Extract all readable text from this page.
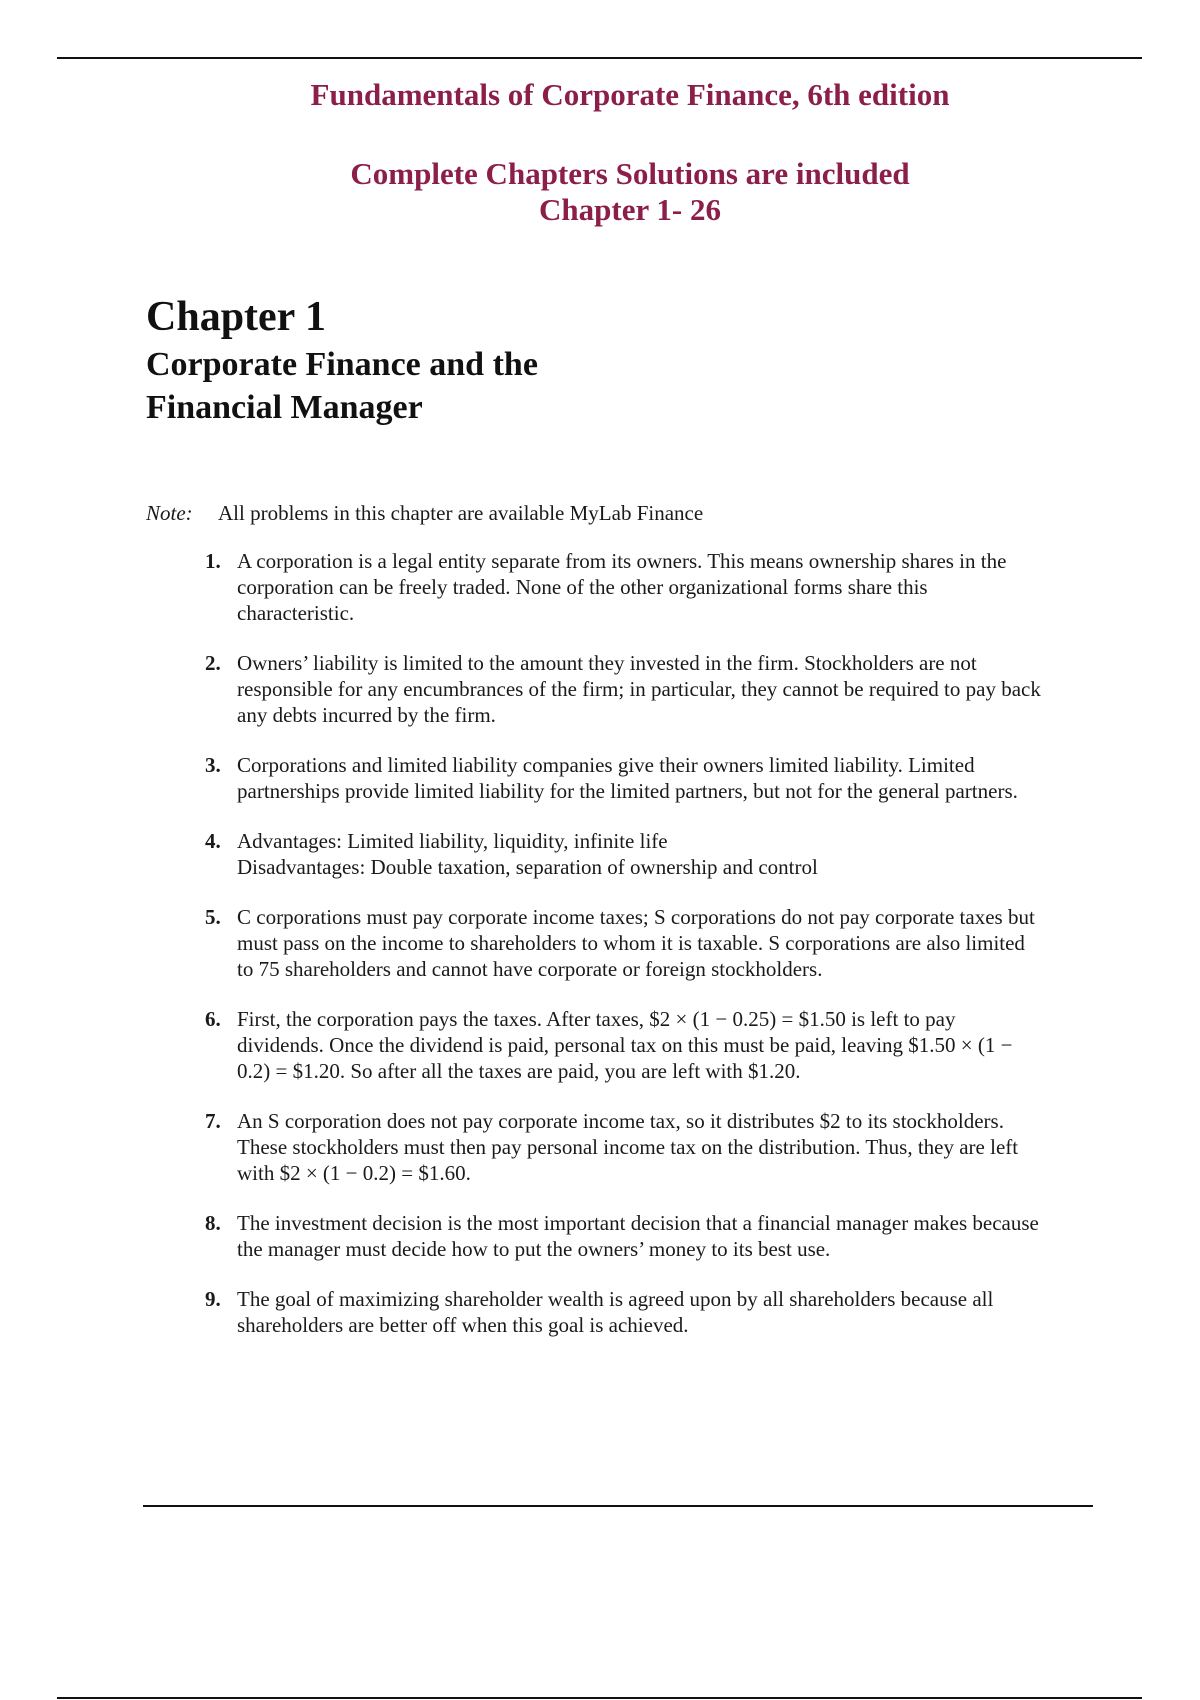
Fundamentals of Corporate Finance, 6th edition
Complete Chapters Solutions are included
Chapter 1- 26
Chapter 1
Corporate Finance and the
Financial Manager
Note: All problems in this chapter are available MyLab Finance
1. A corporation is a legal entity separate from its owners. This means ownership shares in the
corporation can be freely traded. None of the other organizational forms share this
characteristic.
2. Owners’ liability is limited to the amount they invested in the firm. Stockholders are not
responsible for any encumbrances of the firm; in particular, they cannot be required to pay back
any debts incurred by the firm.
3. Corporations and limited liability companies give their owners limited liability. Limited
partnerships provide limited liability for the limited partners, but not for the general partners.
4. Advantages: Limited liability, liquidity, infinite life
Disadvantages: Double taxation, separation of ownership and control
5. C corporations must pay corporate income taxes; S corporations do not pay corporate taxes but
must pass on the income to shareholders to whom it is taxable. S corporations are also limited
to 75 shareholders and cannot have corporate or foreign stockholders.
6. First, the corporation pays the taxes. After taxes, $2 × (1 − 0.25) = $1.50 is left to pay
dividends. Once the dividend is paid, personal tax on this must be paid, leaving $1.50 × (1 −
0.2) = $1.20. So after all the taxes are paid, you are left with $1.20.
7. An S corporation does not pay corporate income tax, so it distributes $2 to its stockholders.
These stockholders must then pay personal income tax on the distribution. Thus, they are left
with $2 × (1 − 0.2) = $1.60.
8. The investment decision is the most important decision that a financial manager makes because
the manager must decide how to put the owners’ money to its best use.
9. The goal of maximizing shareholder wealth is agreed upon by all shareholders because all
shareholders are better off when this goal is achieved.
